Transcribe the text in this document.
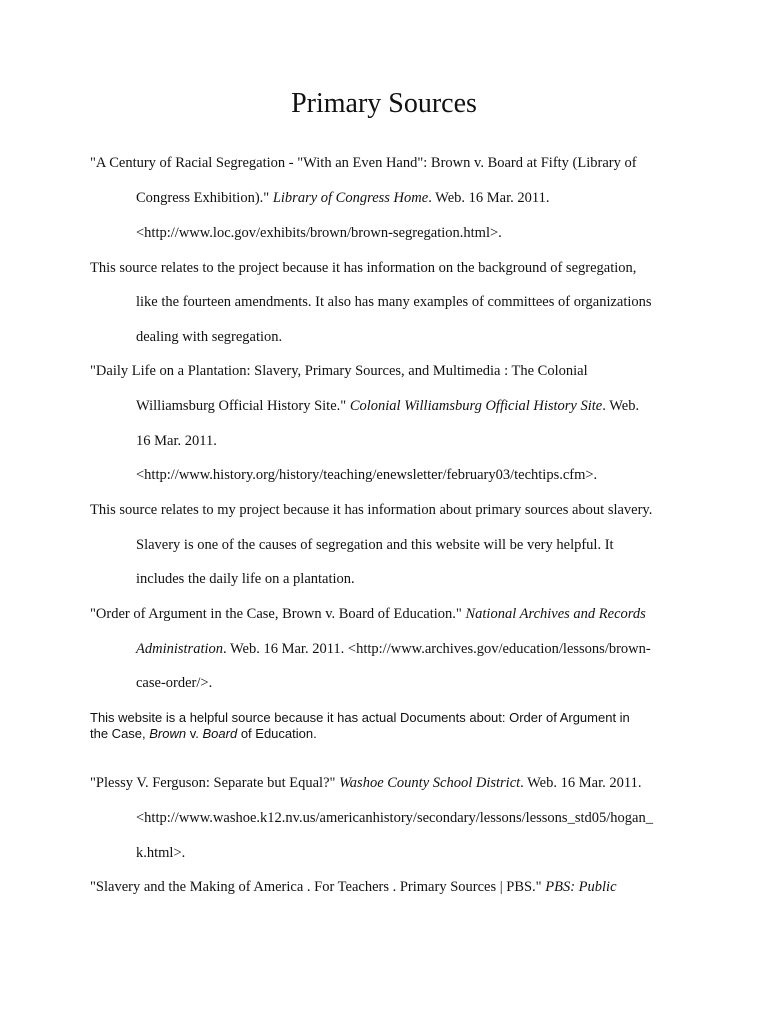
Primary Sources
"A Century of Racial Segregation - "With an Even Hand": Brown v. Board at Fifty (Library of
Congress Exhibition)." Library of Congress Home. Web. 16 Mar. 2011.
<http://www.loc.gov/exhibits/brown/brown-segregation.html>.
This source relates to the project because it has information on the background of segregation,
like the fourteen amendments. It also has many examples of committees of organizations
dealing with segregation.
"Daily Life on a Plantation: Slavery, Primary Sources, and Multimedia : The Colonial
Williamsburg Official History Site." Colonial Williamsburg Official History Site. Web.
16 Mar. 2011.
<http://www.history.org/history/teaching/enewsletter/february03/techtips.cfm>.
This source relates to my project because it has information about primary sources about slavery.
Slavery is one of the causes of segregation and this website will be very helpful. It
includes the daily life on a plantation.
"Order of Argument in the Case, Brown v. Board of Education." National Archives and Records
Administration. Web. 16 Mar. 2011. <http://www.archives.gov/education/lessons/brown-
case-order/>.
This website is a helpful source because it has actual Documents about: Order of Argument in
the Case, Brown v. Board of Education.
"Plessy V. Ferguson: Separate but Equal?" Washoe County School District. Web. 16 Mar. 2011.
<http://www.washoe.k12.nv.us/americanhistory/secondary/lessons/lessons_std05/hogan_
k.html>.
"Slavery and the Making of America . For Teachers . Primary Sources | PBS." PBS: Public
